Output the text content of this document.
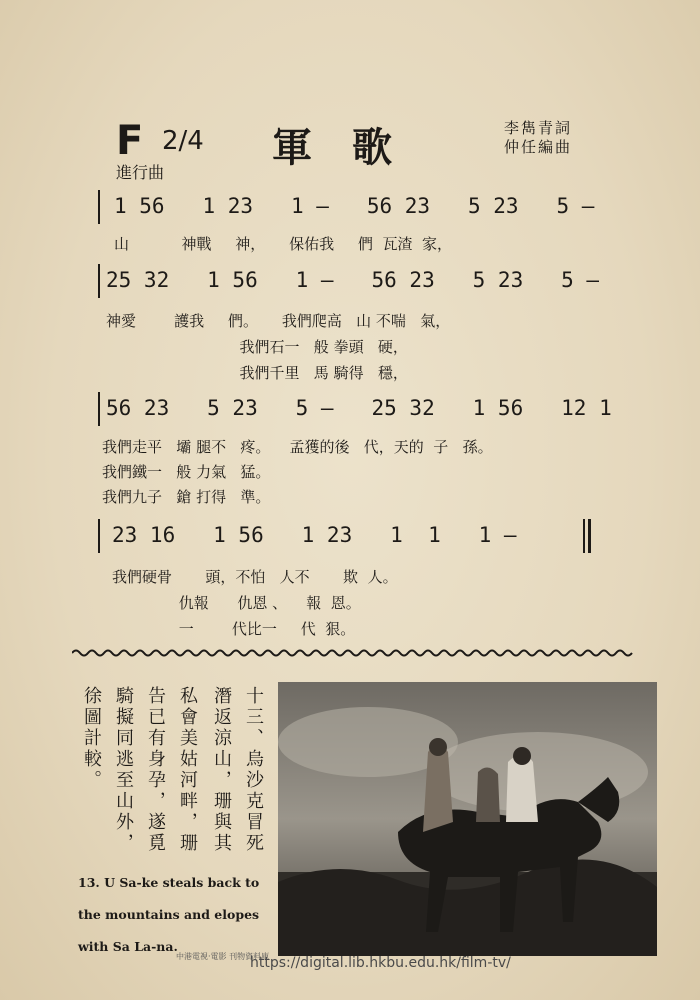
F 2/4 軍歌	李雋青詞
仲任編曲
進行曲
1 56   1 23   1 —   56 23   5 23   5 —
山           神戰     神，     保佑我     們  瓦渣  家，
25 32   1 56   1 —   56 23   5 23   5 —
神愛        護我     們。     我們爬高   山 不喘   氣，
我們石一   般 拳頭   硬，
我們千里   馬 騎得   穩，
56 23   5 23   5 —   25 32   1 56   12 1
我們走平   壩 腿不   疼。    孟獲的後   代，天的  子   孫。
我們鐵一   般 力氣   猛。
我們九子   鎗 打得   準。
23 16   1 56   1 23   1  1   1 —
我們硬骨       頭，不怕   人不       欺  人。
仇報      仇恩 、    報  恩。
一        代比一     代  狠。
十三、烏沙克冒死
潛返涼山，珊與其
私會美姑河畔，珊
告已有身孕，遂覓
騎擬同逃至山外，
徐圖計較。
13. U Sa-ke steals back to the mountains and elopes with Sa La-na.
中港電視·電影 刊物資料庫
https://digital.lib.hkbu.edu.hk/film-tv/
